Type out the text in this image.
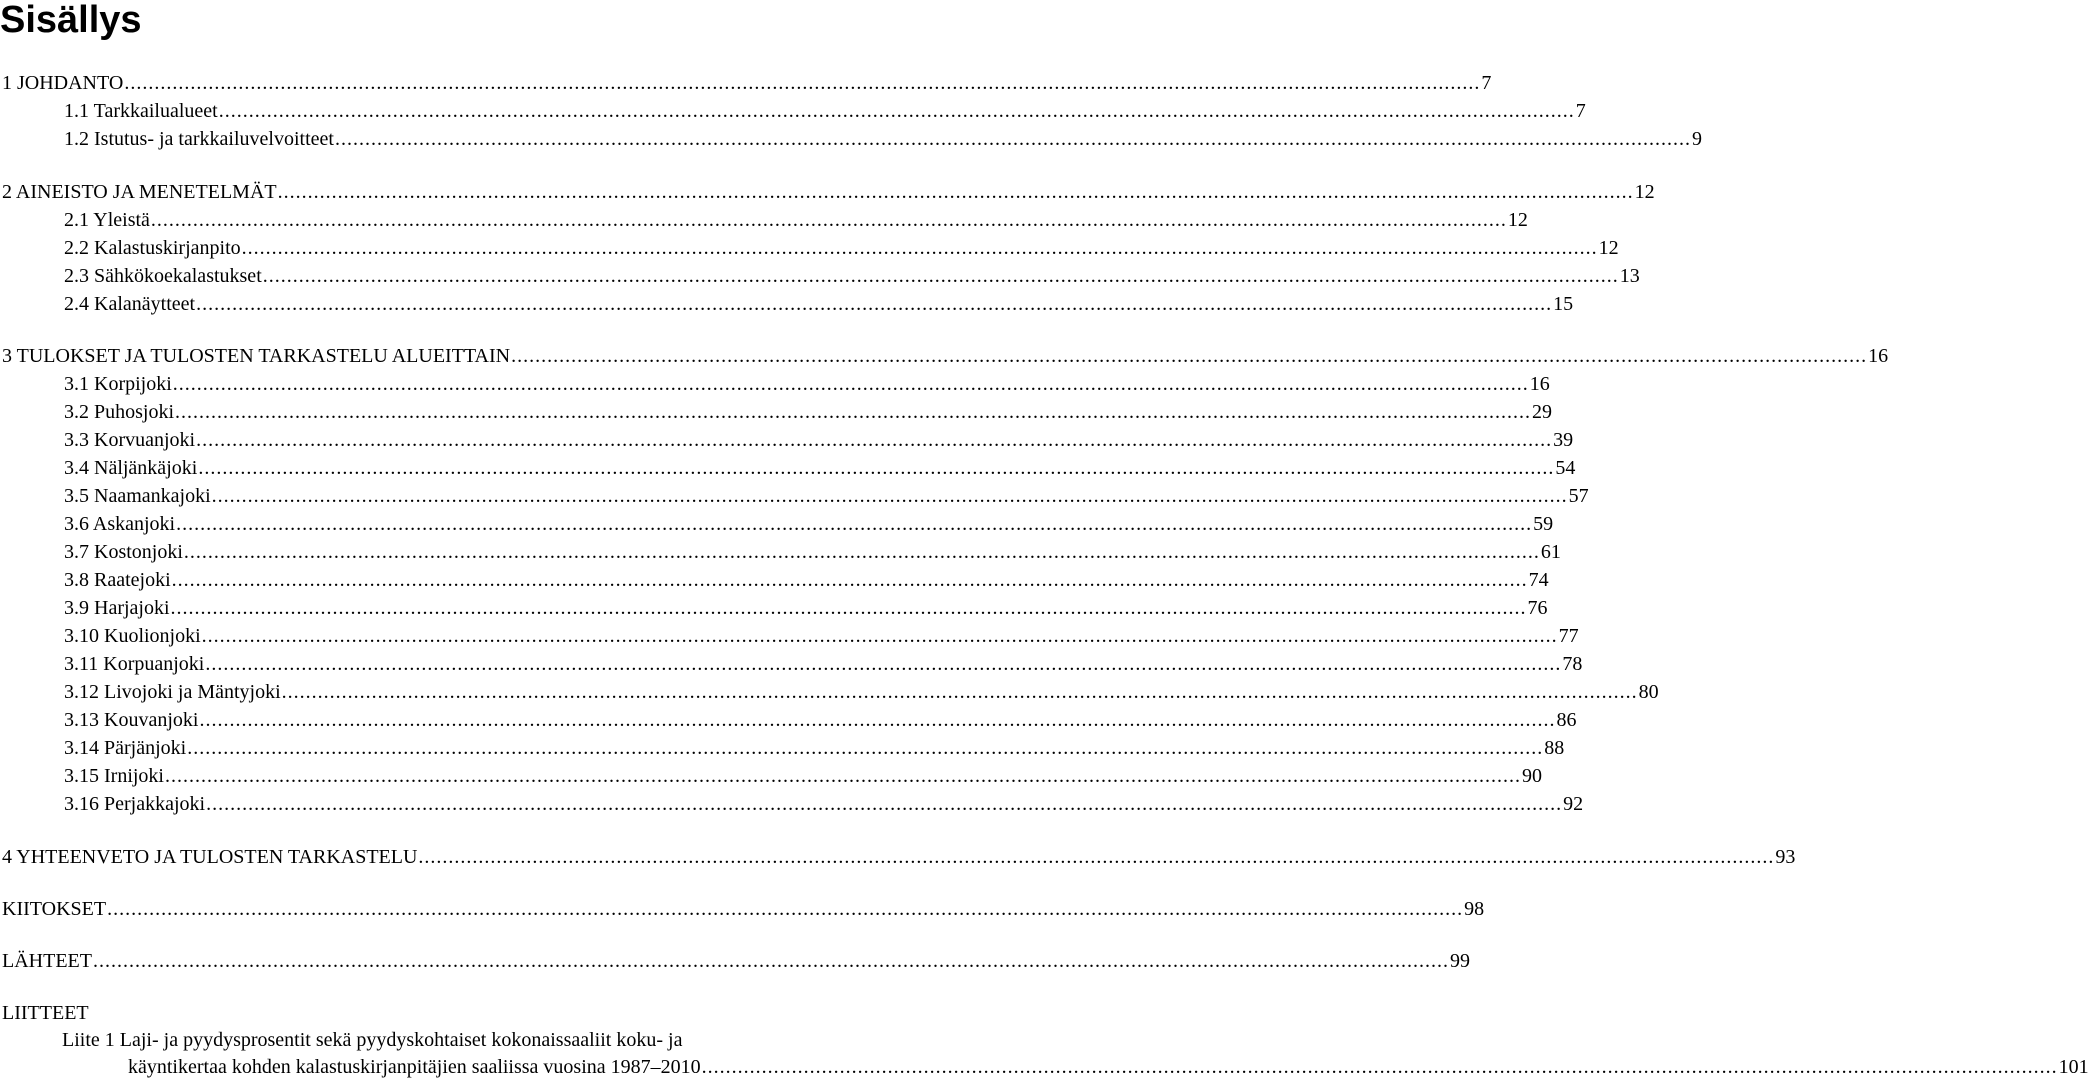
Sisällys
1 JOHDANTO .................................................................................................................................................................................................................................. 7
1.1 Tarkkailualueet .................................................................................................................................................................................................................................. 7
1.2 Istutus- ja tarkkailuvelvoitteet .................................................................................................................................................................................................................................. 9
2 AINEISTO JA MENETELMÄT .................................................................................................................................................................................................................................. 12
2.1 Yleistä .................................................................................................................................................................................................................................. 12
2.2 Kalastuskirjanpito .................................................................................................................................................................................................................................. 12
2.3 Sähkökoekalastukset .................................................................................................................................................................................................................................. 13
2.4 Kalanäytteet .................................................................................................................................................................................................................................. 15
3 TULOKSET JA TULOSTEN TARKASTELU ALUEITTAIN .................................................................................................................................................................................................................................. 16
3.1 Korpijoki .................................................................................................................................................................................................................................. 16
3.2 Puhosjoki .................................................................................................................................................................................................................................. 29
3.3 Korvuanjoki .................................................................................................................................................................................................................................. 39
3.4 Näljänkäjoki .................................................................................................................................................................................................................................. 54
3.5 Naamankajoki .................................................................................................................................................................................................................................. 57
3.6 Askanjoki .................................................................................................................................................................................................................................. 59
3.7 Kostonjoki .................................................................................................................................................................................................................................. 61
3.8 Raatejoki .................................................................................................................................................................................................................................. 74
3.9 Harjajoki .................................................................................................................................................................................................................................. 76
3.10 Kuolionjoki .................................................................................................................................................................................................................................. 77
3.11 Korpuanjoki .................................................................................................................................................................................................................................. 78
3.12 Livojoki ja Mäntyjoki .................................................................................................................................................................................................................................. 80
3.13 Kouvanjoki .................................................................................................................................................................................................................................. 86
3.14 Pärjänjoki .................................................................................................................................................................................................................................. 88
3.15 Irnijoki .................................................................................................................................................................................................................................. 90
3.16 Perjakkajoki .................................................................................................................................................................................................................................. 92
4 YHTEENVETO JA TULOSTEN TARKASTELU .................................................................................................................................................................................................................................. 93
KIITOKSET .................................................................................................................................................................................................................................. 98
LÄHTEET .................................................................................................................................................................................................................................. 99
LIITTEET
Liite 1 Laji- ja pyydysprosentit sekä pyydyskohtaiset kokonaissaaliit koku- ja
käyntikertaa kohden kalastuskirjanpitäjien saaliissa vuosina 1987–2010 .................................................................................................................................................................................................................................. 101
